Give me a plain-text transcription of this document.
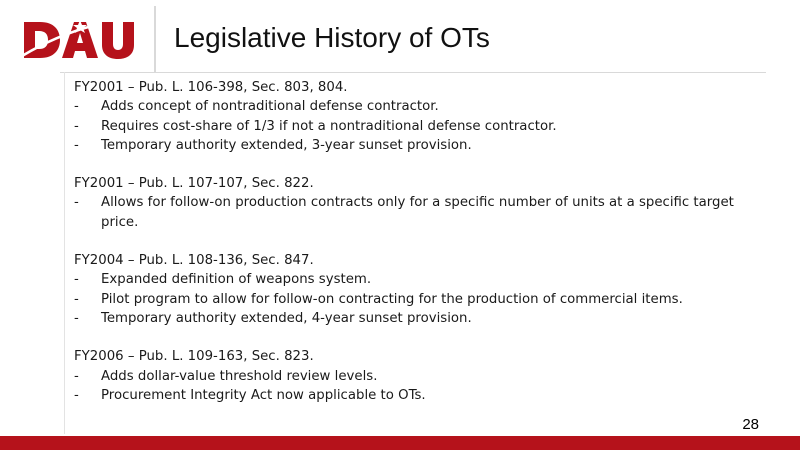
Legislative History of OTs
FY2001 – Pub. L. 106-398, Sec. 803, 804.
- Adds concept of nontraditional defense contractor.
- Requires cost-share of 1/3 if not a nontraditional defense contractor.
- Temporary authority extended, 3-year sunset provision.
FY2001 – Pub. L. 107-107, Sec. 822.
- Allows for follow-on production contracts only for a specific number of units at a specific target price.
FY2004 – Pub. L. 108-136, Sec. 847.
- Expanded definition of weapons system.
- Pilot program to allow for follow-on contracting for the production of commercial items.
- Temporary authority extended, 4-year sunset provision.
FY2006 – Pub. L. 109-163, Sec. 823.
- Adds dollar-value threshold review levels.
- Procurement Integrity Act now applicable to OTs.
28
